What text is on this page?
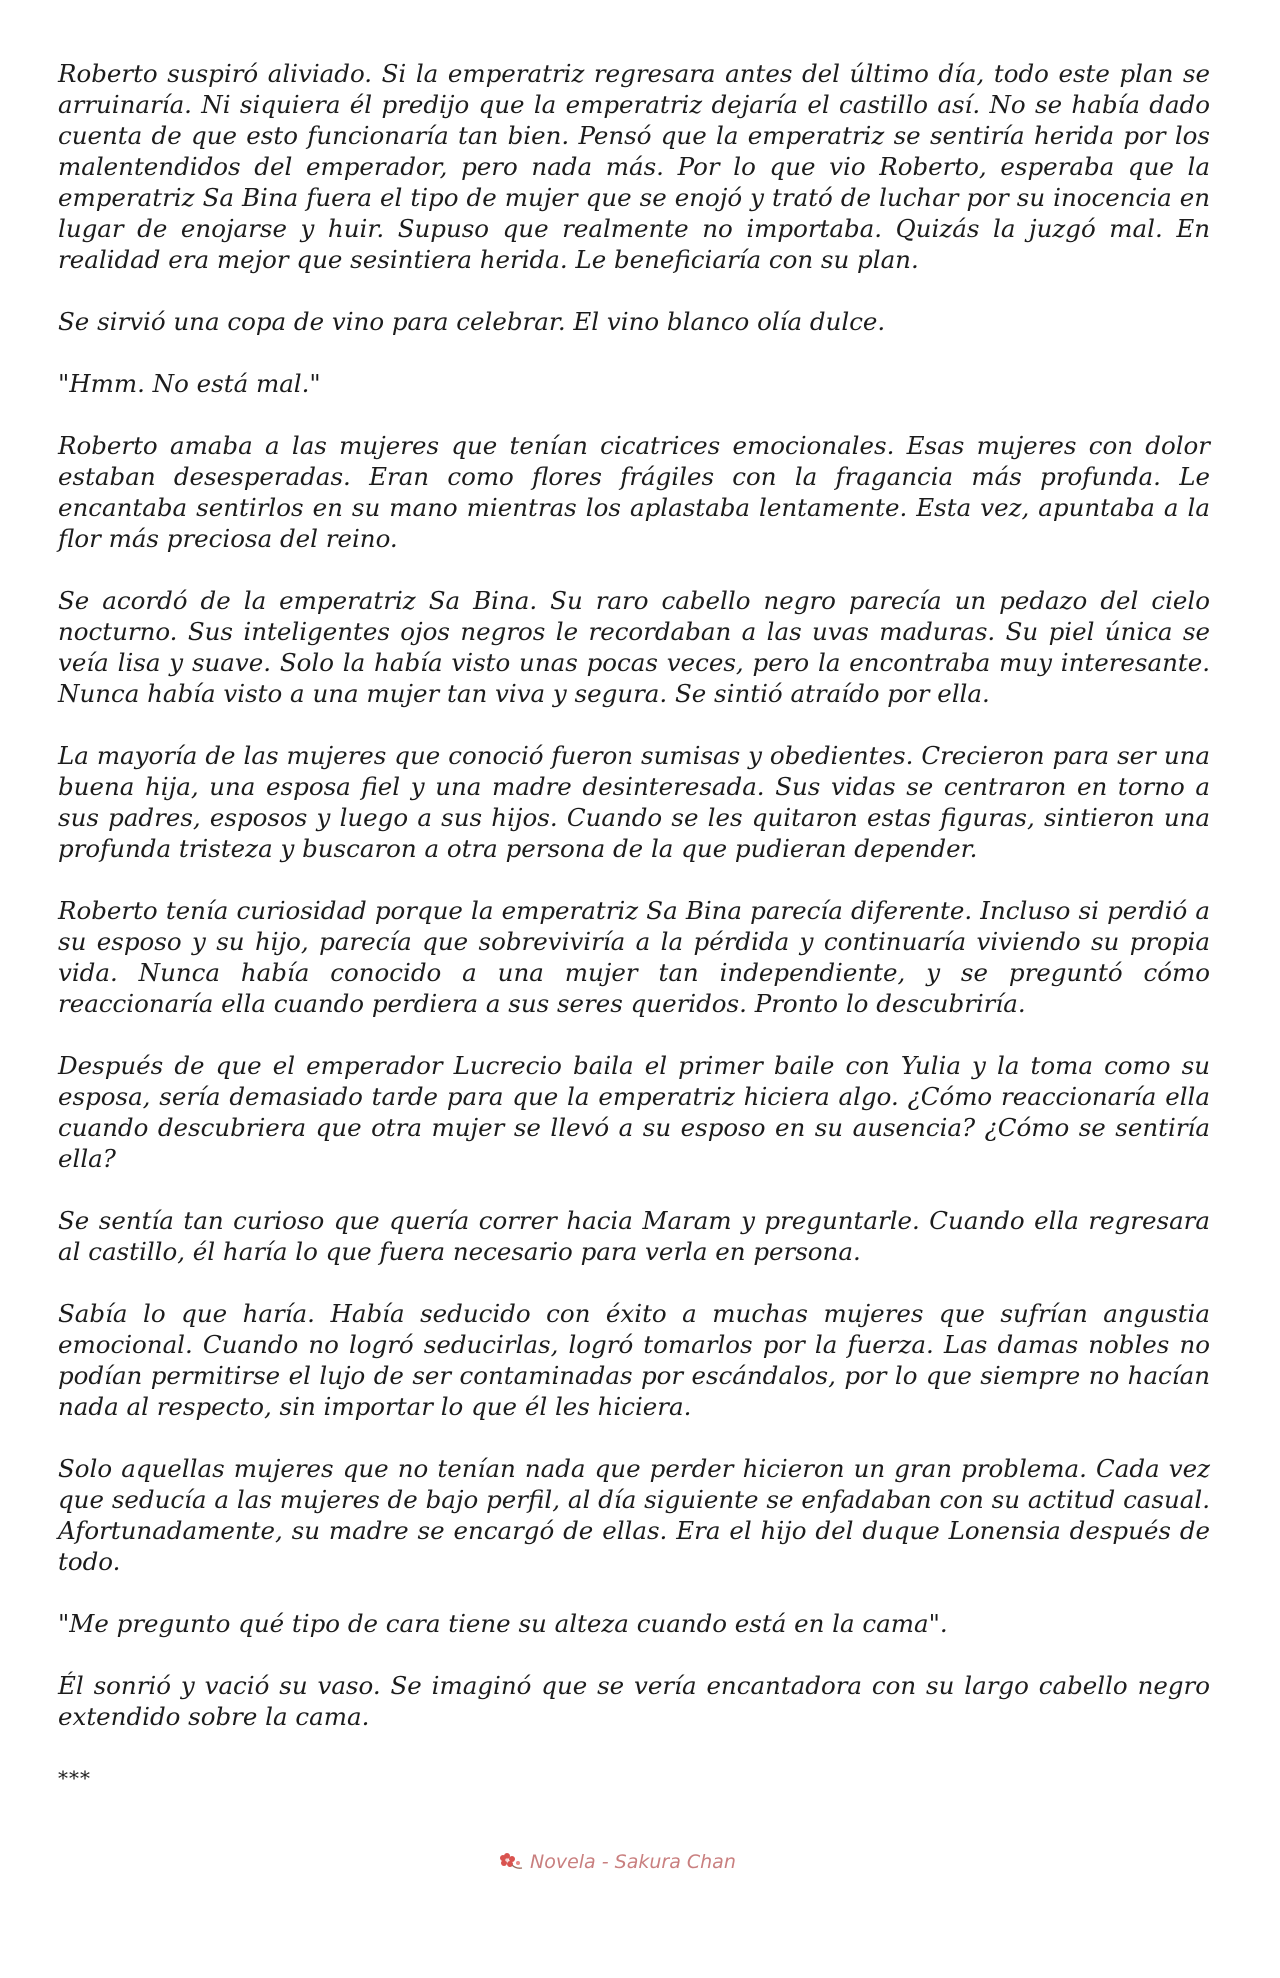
Roberto suspiró aliviado. Si la emperatriz regresara antes del último día, todo este plan se arruinaría. Ni siquiera él predijo que la emperatriz dejaría el castillo así. No se había dado cuenta de que esto funcionaría tan bien. Pensó que la emperatriz se sentiría herida por los malentendidos del emperador, pero nada más. Por lo que vio Roberto, esperaba que la emperatriz Sa Bina fuera el tipo de mujer que se enojó y trató de luchar por su inocencia en lugar de enojarse y huir. Supuso que realmente no importaba. Quizás la juzgó mal. En realidad era mejor que sesintiera herida. Le beneficiaría con su plan.

Se sirvió una copa de vino para celebrar. El vino blanco olía dulce.

"Hmm. No está mal."

Roberto amaba a las mujeres que tenían cicatrices emocionales. Esas mujeres con dolor estaban desesperadas. Eran como flores frágiles con la fragancia más profunda. Le encantaba sentirlos en su mano mientras los aplastaba lentamente. Esta vez, apuntaba a la flor más preciosa del reino.

Se acordó de la emperatriz Sa Bina. Su raro cabello negro parecía un pedazo del cielo nocturno. Sus inteligentes ojos negros le recordaban a las uvas maduras. Su piel única se veía lisa y suave. Solo la había visto unas pocas veces, pero la encontraba muy interesante. Nunca había visto a una mujer tan viva y segura. Se sintió atraído por ella.

La mayoría de las mujeres que conoció fueron sumisas y obedientes. Crecieron para ser una buena hija, una esposa fiel y una madre desinteresada. Sus vidas se centraron en torno a sus padres, esposos y luego a sus hijos. Cuando se les quitaron estas figuras, sintieron una profunda tristeza y buscaron a otra persona de la que pudieran depender.

Roberto tenía curiosidad porque la emperatriz Sa Bina parecía diferente. Incluso si perdió a su esposo y su hijo, parecía que sobreviviría a la pérdida y continuaría viviendo su propia vida. Nunca había conocido a una mujer tan independiente, y se preguntó cómo reaccionaría ella cuando perdiera a sus seres queridos. Pronto lo descubriría.

Después de que el emperador Lucrecio baila el primer baile con Yulia y la toma como su esposa, sería demasiado tarde para que la emperatriz hiciera algo. ¿Cómo reaccionaría ella cuando descubriera que otra mujer se llevó a su esposo en su ausencia? ¿Cómo se sentiría ella?

Se sentía tan curioso que quería correr hacia Maram y preguntarle. Cuando ella regresara al castillo, él haría lo que fuera necesario para verla en persona.

Sabía lo que haría. Había seducido con éxito a muchas mujeres que sufrían angustia emocional. Cuando no logró seducirlas, logró tomarlos por la fuerza. Las damas nobles no podían permitirse el lujo de ser contaminadas por escándalos, por lo que siempre no hacían nada al respecto, sin importar lo que él les hiciera.

Solo aquellas mujeres que no tenían nada que perder hicieron un gran problema. Cada vez que seducía a las mujeres de bajo perfil, al día siguiente se enfadaban con su actitud casual. Afortunadamente, su madre se encargó de ellas. Era el hijo del duque Lonensia después de todo.

"Me pregunto qué tipo de cara tiene su alteza cuando está en la cama".

Él sonrió y vació su vaso. Se imaginó que se vería encantadora con su largo cabello negro extendido sobre la cama.

***

Novela - Sakura Chan
